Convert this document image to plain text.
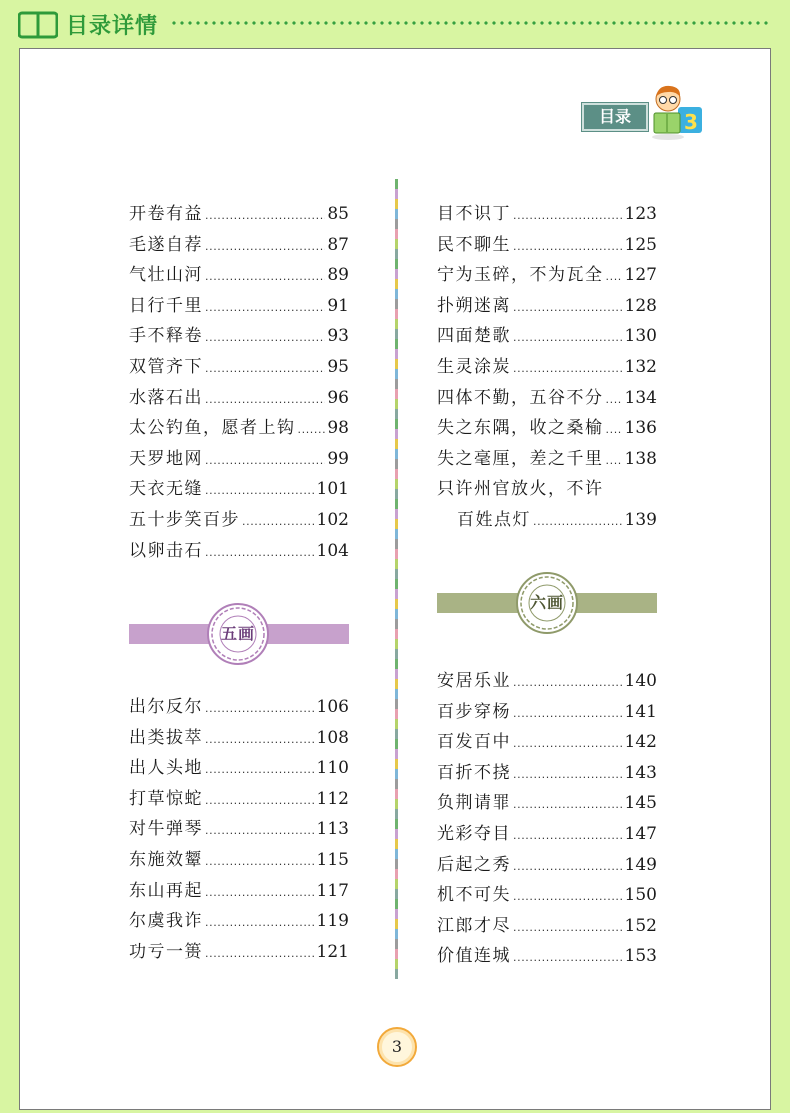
目录详情
目录	3
开卷有益 .....	85
毛遂自荐 .....	87
气壮山河 .....	89
日行千里 .....	91
手不释卷 .....	93
双管齐下 .....	95
水落石出 .....	96
太公钓鱼，愿者上钩 ..... 98
天罗地网 .....	99
天衣无缝 .....	101
五十步笑百步 .....	102
以卵击石 .....	104
五画
出尔反尔 .....	106
出类拔萃 .....	108
出人头地 .....	110
打草惊蛇 .....	112
对牛弹琴 .....	113
东施效颦 .....	115
东山再起 .....	117
尔虞我诈 .....	119
功亏一篑 .....	121
目不识丁 .....	123
民不聊生 .....	125
宁为玉碎，不为瓦全 ..... 127
扑朔迷离 .....	128
四面楚歌 .....	130
生灵涂炭 .....	132
四体不勤，五谷不分 ..... 134
失之东隅，收之桑榆 ..... 136
失之毫厘，差之千里 ..... 138
只许州官放火，不许
百姓点灯 .....	139
六画
安居乐业 .....	140
百步穿杨 .....	141
百发百中 .....	142
百折不挠 .....	143
负荆请罪 .....	145
光彩夺目 .....	147
后起之秀 .....	149
机不可失 .....	150
江郎才尽 .....	152
价值连城 .....	153
3
